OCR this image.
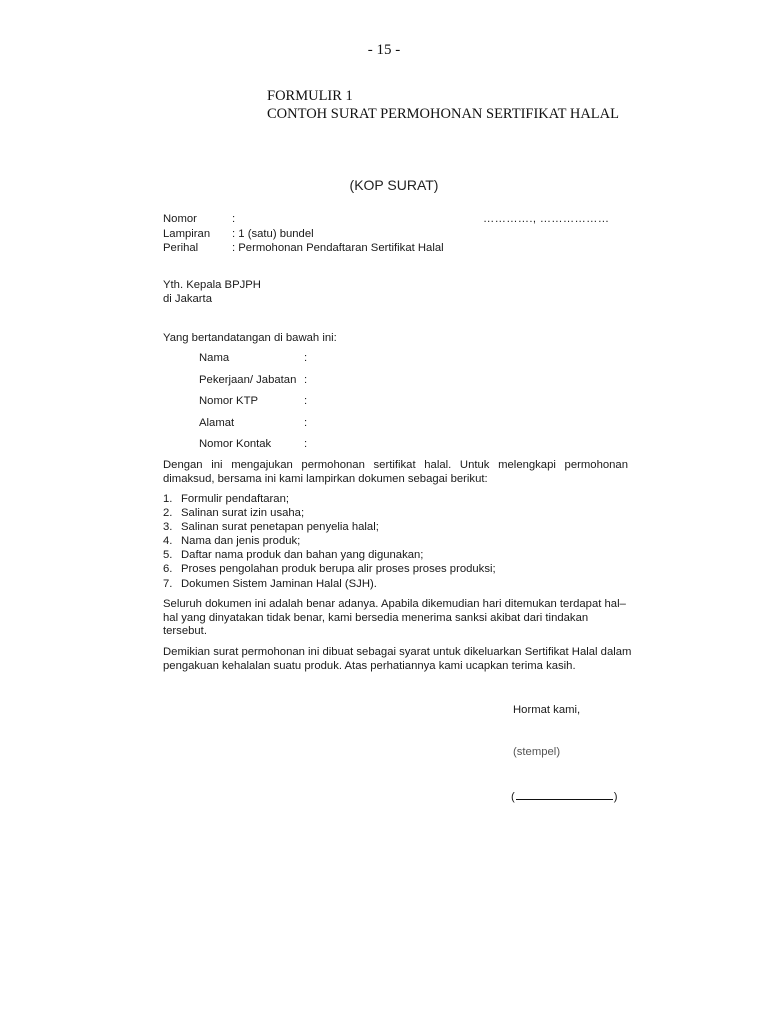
- 15 -
FORMULIR 1
CONTOH SURAT PERMOHONAN SERTIFIKAT HALAL
(KOP SURAT)
Nomor	:
Lampiran : 1 (satu) bundel
Perihal	: Permohonan Pendaftaran Sertifikat Halal
…………., ………………
Yth. Kepala BPJPH
di Jakarta
Yang bertandatangan di bawah ini:
Nama	:
Pekerjaan/ Jabatan :
Nomor KTP	:
Alamat	:
Nomor Kontak	:
Dengan ini mengajukan permohonan sertifikat halal. Untuk melengkapi permohonan dimaksud, bersama ini kami lampirkan dokumen sebagai berikut:
1. Formulir pendaftaran;
2. Salinan surat izin usaha;
3. Salinan surat penetapan penyelia halal;
4. Nama dan jenis produk;
5. Daftar nama produk dan bahan yang digunakan;
6. Proses pengolahan produk berupa alir proses proses produksi;
7. Dokumen Sistem Jaminan Halal (SJH).
Seluruh dokumen ini adalah benar adanya. Apabila dikemudian hari ditemukan terdapat hal–hal yang dinyatakan tidak benar, kami bersedia menerima sanksi akibat dari tindakan tersebut.
Demikian surat permohonan ini dibuat sebagai syarat untuk dikeluarkan Sertifikat Halal dalam pengakuan kehalalan suatu produk. Atas perhatiannya kami ucapkan terima kasih.
Hormat kami,
(stempel)
(	)
